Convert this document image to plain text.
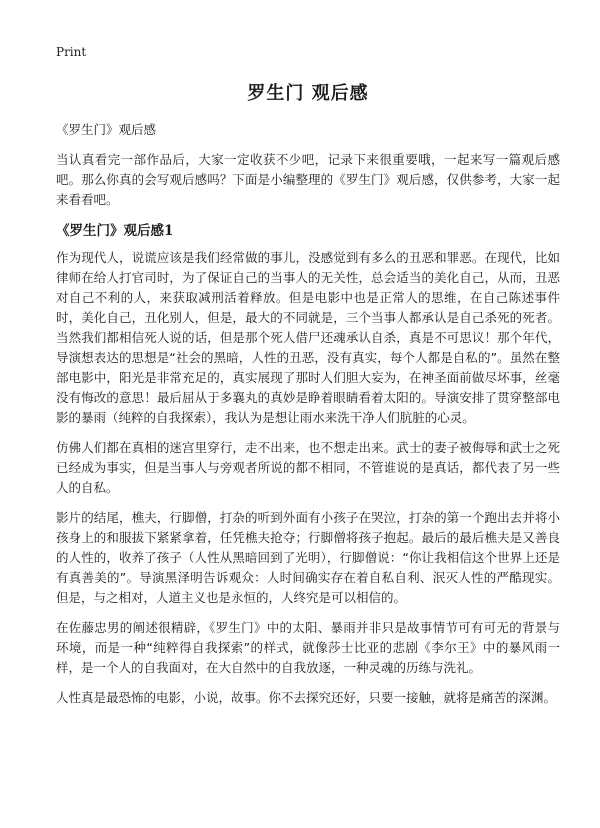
Print
罗生门 观后感
《罗生门》观后感

当认真看完一部作品后，大家一定收获不少吧，记录下来很重要哦，一起来写一篇观后感吧。那么你真的会写观后感吗？下面是小编整理的《罗生门》观后感，仅供参考，大家一起来看看吧。

《罗生门》观后感1

作为现代人，说谎应该是我们经常做的事儿，没感觉到有多么的丑恶和罪恶。在现代，比如律师在给人打官司时，为了保证自己的当事人的无关性，总会适当的美化自己，从而，丑恶对自己不利的人，来获取减刑活着释放。但是电影中也是正常人的思维，在自己陈述事件时，美化自己，丑化别人，但是，最大的不同就是，三个当事人都承认是自己杀死的死者。当然我们都相信死人说的话，但是那个死人借尸还魂承认自杀，真是不可思议！那个年代，导演想表达的思想是“社会的黑暗，人性的丑恶，没有真实，每个人都是自私的”。虽然在整部电影中，阳光是非常充足的，真实展现了那时人们胆大妄为，在神圣面前做尽坏事，丝毫没有悔改的意思！最后屈从于多襄丸的真妙是睁着眼睛看着太阳的。导演安排了贯穿整部电影的暴雨（纯粹的自我探索），我认为是想让雨水来洗干净人们肮脏的心灵。

仿佛人们都在真相的迷宫里穿行，走不出来，也不想走出来。武士的妻子被侮辱和武士之死已经成为事实，但是当事人与旁观者所说的都不相同，不管谁说的是真话，都代表了另一些人的自私。

影片的结尾，樵夫，行脚僧，打杂的听到外面有小孩子在哭泣，打杂的第一个跑出去并将小孩身上的和服拔下紧紧拿着，任凭樵夫抢夺；行脚僧将孩子抱起。最后的最后樵夫是又善良的人性的，收养了孩子（人性从黑暗回到了光明），行脚僧说：“你让我相信这个世界上还是有真善美的”。导演黑泽明告诉观众：人时间确实存在着自私自利、泯灭人性的严酷现实。但是，与之相对，人道主义也是永恒的，人终究是可以相信的。

在佐藤忠男的阐述很精辟，《罗生门》中的太阳、暴雨并非只是故事情节可有可无的背景与环境，而是一种“纯粹得自我探索”的样式，就像莎士比亚的悲剧《李尔王》中的暴风雨一样，是一个人的自我面对，在大自然中的自我放逐，一种灵魂的历练与洗礼。

人性真是最恐怖的电影，小说，故事。你不去探究还好，只要一接触，就将是痛苦的深渊。
